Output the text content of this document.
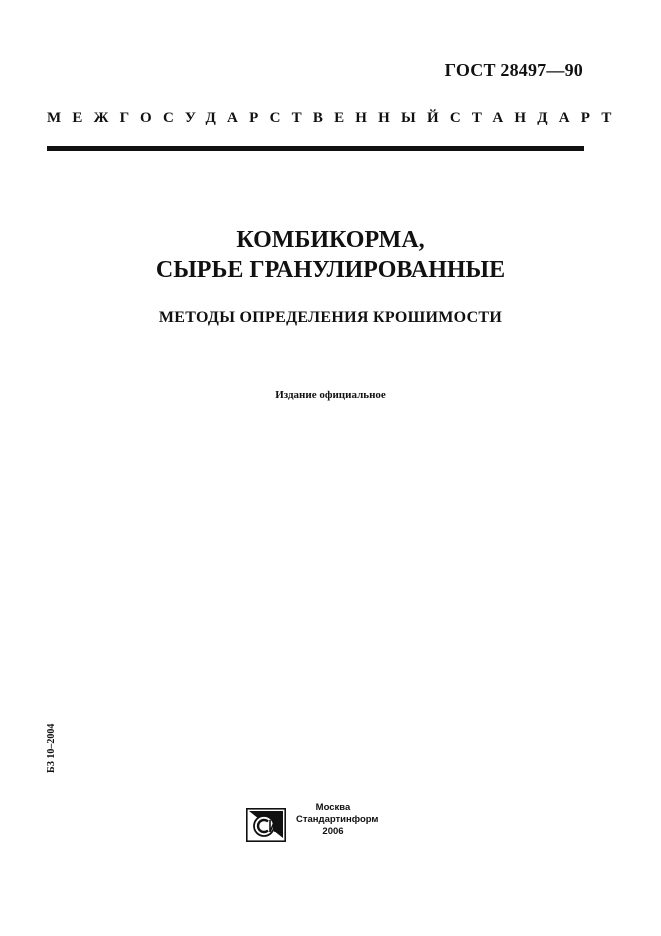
ГОСТ 28497—90
МЕЖГОСУДАРСТВЕННЫЙ СТАНДАРТ
КОМБИКОРМА,
СЫРЬЕ ГРАНУЛИРОВАННЫЕ
МЕТОДЫ ОПРЕДЕЛЕНИЯ КРОШИМОСТИ
Издание официальное
БЗ 10–2004
Москва
Стандартинформ
2006
